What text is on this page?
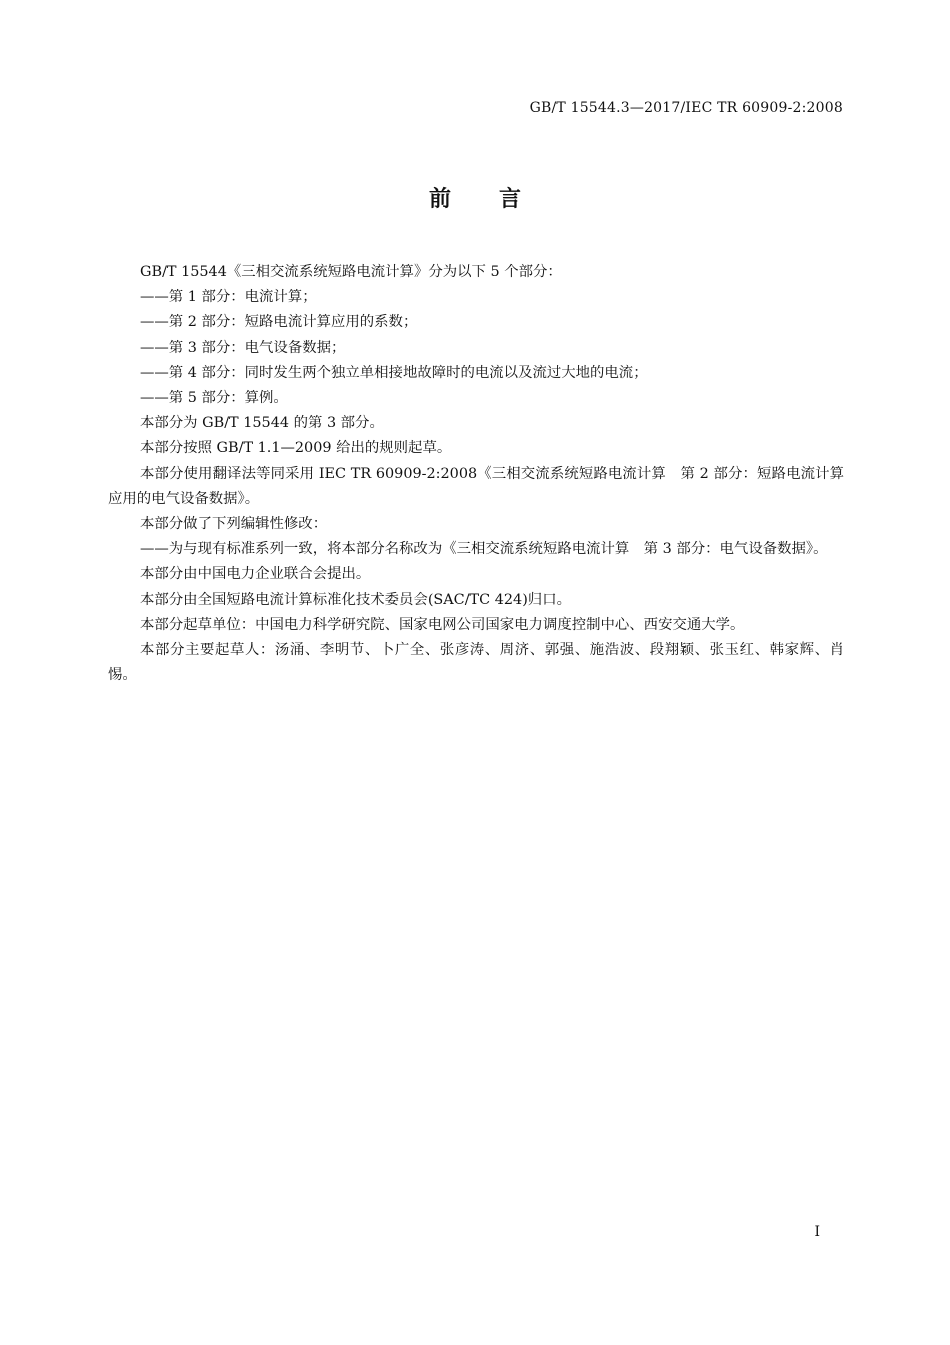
GB/T 15544.3—2017/IEC TR 60909-2:2008
前言

GB/T 15544《三相交流系统短路电流计算》分为以下 5 个部分：

——第 1 部分：电流计算；

——第 2 部分：短路电流计算应用的系数；

——第 3 部分：电气设备数据；

——第 4 部分：同时发生两个独立单相接地故障时的电流以及流过大地的电流；

——第 5 部分：算例。

本部分为 GB/T 15544 的第 3 部分。

本部分按照 GB/T 1.1—2009 给出的规则起草。

本部分使用翻译法等同采用 IEC TR 60909-2:2008《三相交流系统短路电流计算　第 2 部分：短路电流计算应用的电气设备数据》。

本部分做了下列编辑性修改：

——为与现有标准系列一致，将本部分名称改为《三相交流系统短路电流计算　第 3 部分：电气设备数据》。

本部分由中国电力企业联合会提出。

本部分由全国短路电流计算标准化技术委员会(SAC/TC 424)归口。

本部分起草单位：中国电力科学研究院、国家电网公司国家电力调度控制中心、西安交通大学。

本部分主要起草人：汤涌、李明节、卜广全、张彦涛、周济、郭强、施浩波、段翔颖、张玉红、韩家辉、肖惕。

I
